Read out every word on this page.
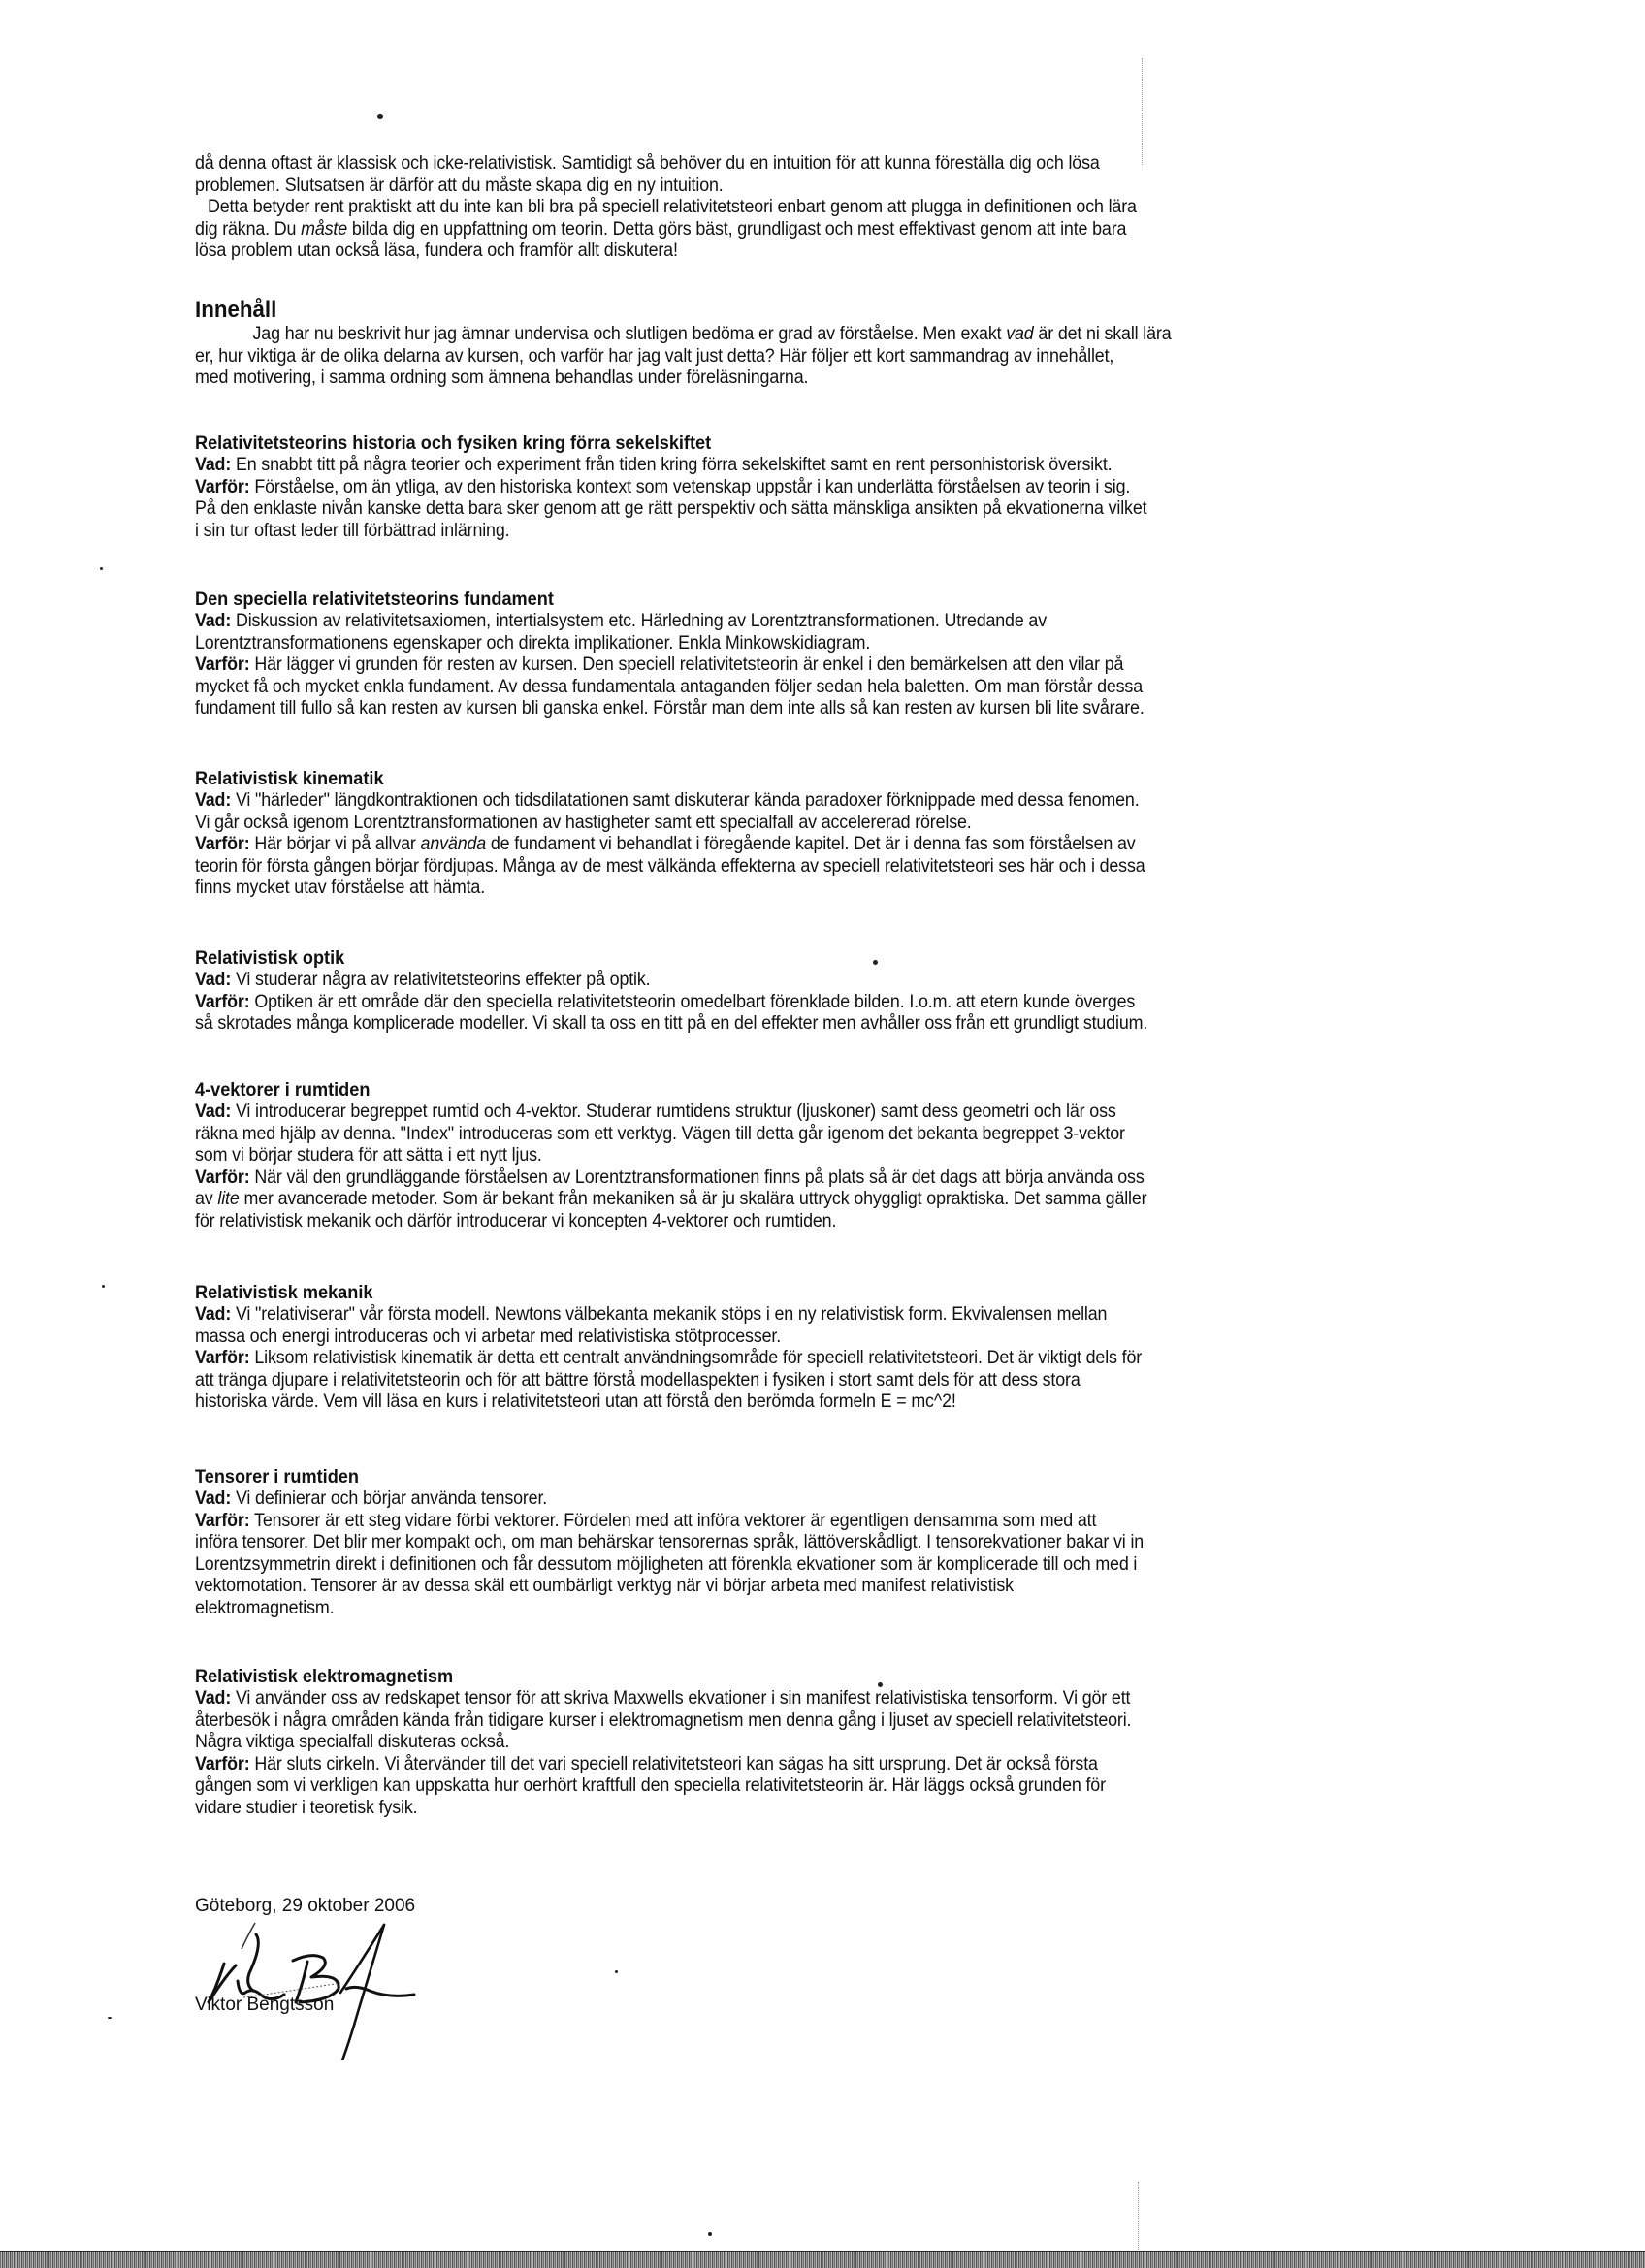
då denna oftast är klassisk och icke-relativistisk. Samtidigt så behöver du en intuition för att kunna föreställa dig och lösa
problemen. Slutsatsen är därför att du måste skapa dig en ny intuition.
Detta betyder rent praktiskt att du inte kan bli bra på speciell relativitetsteori enbart genom att plugga in definitionen och lära
dig räkna. Du måste bilda dig en uppfattning om teorin. Detta görs bäst, grundligast och mest effektivast genom att inte bara
lösa problem utan också läsa, fundera och framför allt diskutera!
Innehåll
Jag har nu beskrivit hur jag ämnar undervisa och slutligen bedöma er grad av förståelse. Men exakt vad är det ni skall lära
er, hur viktiga är de olika delarna av kursen, och varför har jag valt just detta? Här följer ett kort sammandrag av innehållet,
med motivering, i samma ordning som ämnena behandlas under föreläsningarna.
Relativitetsteorins historia och fysiken kring förra sekelskiftet
Vad: En snabbt titt på några teorier och experiment från tiden kring förra sekelskiftet samt en rent personhistorisk översikt.
Varför: Förståelse, om än ytliga, av den historiska kontext som vetenskap uppstår i kan underlätta förståelsen av teorin i sig.
På den enklaste nivån kanske detta bara sker genom att ge rätt perspektiv och sätta mänskliga ansikten på ekvationerna vilket
i sin tur oftast leder till förbättrad inlärning.
Den speciella relativitetsteorins fundament
Vad: Diskussion av relativitetsaxiomen, intertialsystem etc. Härledning av Lorentztransformationen. Utredande av
Lorentztransformationens egenskaper och direkta implikationer. Enkla Minkowskidiagram.
Varför: Här lägger vi grunden för resten av kursen. Den speciell relativitetsteorin är enkel i den bemärkelsen att den vilar på
mycket få och mycket enkla fundament. Av dessa fundamentala antaganden följer sedan hela baletten. Om man förstår dessa
fundament till fullo så kan resten av kursen bli ganska enkel. Förstår man dem inte alls så kan resten av kursen bli lite svårare.
Relativistisk kinematik
Vad: Vi "härleder" längdkontraktionen och tidsdilatationen samt diskuterar kända paradoxer förknippade med dessa fenomen.
Vi går också igenom Lorentztransformationen av hastigheter samt ett specialfall av accelererad rörelse.
Varför: Här börjar vi på allvar använda de fundament vi behandlat i föregående kapitel. Det är i denna fas som förståelsen av
teorin för första gången börjar fördjupas. Många av de mest välkända effekterna av speciell relativitetsteori ses här och i dessa
finns mycket utav förståelse att hämta.
Relativistisk optik
Vad: Vi studerar några av relativitetsteorins effekter på optik.
Varför: Optiken är ett område där den speciella relativitetsteorin omedelbart förenklade bilden. I.o.m. att etern kunde överges
så skrotades många komplicerade modeller. Vi skall ta oss en titt på en del effekter men avhåller oss från ett grundligt studium.
4-vektorer i rumtiden
Vad: Vi introducerar begreppet rumtid och 4-vektor. Studerar rumtidens struktur (ljuskoner) samt dess geometri och lär oss
räkna med hjälp av denna. "Index" introduceras som ett verktyg. Vägen till detta går igenom det bekanta begreppet 3-vektor
som vi börjar studera för att sätta i ett nytt ljus.
Varför: När väl den grundläggande förståelsen av Lorentztransformationen finns på plats så är det dags att börja använda oss
av lite mer avancerade metoder. Som är bekant från mekaniken så är ju skalära uttryck ohyggligt opraktiska. Det samma gäller
för relativistisk mekanik och därför introducerar vi koncepten 4-vektorer och rumtiden.
Relativistisk mekanik
Vad: Vi "relativiserar" vår första modell. Newtons välbekanta mekanik stöps i en ny relativistisk form. Ekvivalensen mellan
massa och energi introduceras och vi arbetar med relativistiska stötprocesser.
Varför: Liksom relativistisk kinematik är detta ett centralt användningsområde för speciell relativitetsteori. Det är viktigt dels för
att tränga djupare i relativitetsteorin och för att bättre förstå modellaspekten i fysiken i stort samt dels för att dess stora
historiska värde. Vem vill läsa en kurs i relativitetsteori utan att förstå den berömda formeln E = mc^2!
Tensorer i rumtiden
Vad: Vi definierar och börjar använda tensorer.
Varför: Tensorer är ett steg vidare förbi vektorer. Fördelen med att införa vektorer är egentligen densamma som med att
införa tensorer. Det blir mer kompakt och, om man behärskar tensorernas språk, lättöverskådligt. I tensorekvationer bakar vi in
Lorentzsymmetrin direkt i definitionen och får dessutom möjligheten att förenkla ekvationer som är komplicerade till och med i
vektornotation. Tensorer är av dessa skäl ett oumbärligt verktyg när vi börjar arbeta med manifest relativistisk
elektromagnetism.
Relativistisk elektromagnetism
Vad: Vi använder oss av redskapet tensor för att skriva Maxwells ekvationer i sin manifest relativistiska tensorform. Vi gör ett
återbesök i några områden kända från tidigare kurser i elektromagnetism men denna gång i ljuset av speciell relativitetsteori.
Några viktiga specialfall diskuteras också.
Varför: Här sluts cirkeln. Vi återvänder till det vari speciell relativitetsteori kan sägas ha sitt ursprung. Det är också första
gången som vi verkligen kan uppskatta hur oerhört kraftfull den speciella relativitetsteorin är. Här läggs också grunden för
vidare studier i teoretisk fysik.
Göteborg, 29 oktober 2006
Viktor Bengtsson
